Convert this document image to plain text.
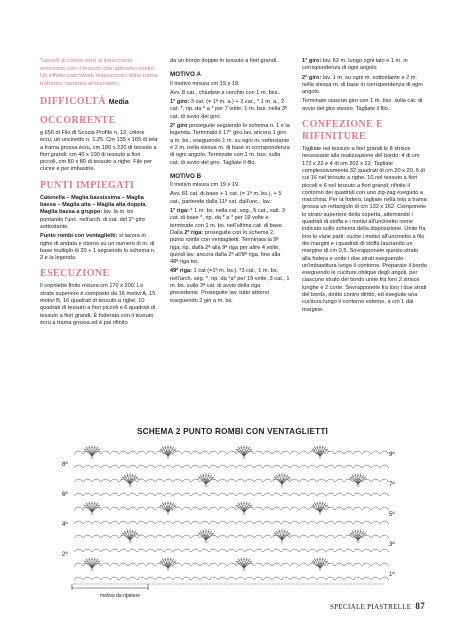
Tasselli di colore ecrù si intrecciano armoniosi con il tessuto che abbiamo scelto. Un effetto patchwork impreziosito dalla trama traforata, lavorata all'uncinetto.

DIFFICOLTÀ Media

OCCORRENTE

g 650 di Filo di Scozia Profilo n. 12, colore ècru; un uncinetto n. 1.25. Cm 135 x 165 di tela a trama grossa ècru, cm 180 x 220 di tessuto a fiori grandi, cm 40 x 100 di tessuto a fiori piccoli, cm 80 x 80 di tessuto a righe. Filo per cucire e per imbastire.

PUNTI IMPIEGATI

Catenella – Maglia bassissima – Maglia bassa – Maglia alta – Maglia alta doppia. Maglia bassa a gruppo: lav. la m. bs puntando l'unc. nell'arch. di cat. del 2° giro sottostante.

Punto rombi con ventaglietti: si lavora in righe di andata e ritorno su un numero di m. di base multiplo di 20 + 1 seguendo lo schema n. 2 e la legenda.

ESECUZIONE

Il copriletto finito misura cm 170 x 200. Lo strato superiore è composto da 16 motivi A, 15 motivi B, 16 quadrati di tessuto a righe, 10 quadrati di tessuto a fiori piccoli e 6 quadrati di tessuto a fiori grandi. È foderata con il tessuto ècru a trama grossa ed è poi rifinito

da un bordo doppio in tessuto a fiori grandi.

MOTIVO A

Il motivo misura cm 19 x 19.

Avv. 8 cat., chiudete a cerchio con 1 m. bss..

1° giro: 3 cat. (= 1ª m. a.) + 2 cat., * 1 m. a., 2 cat. *, rip. da * a * per 7 volte, 1 m. bss. nella 3ª cat. di avvio del giro.

2° giro proseguite seguendo lo schema n. 1 e la legenda. Terminato il 17° giro lav. ancora 1 giro a m. bs., eseguendo 1 m. su ogni m. sottostante e 2 m. nella stessa m. di base in corrispondenza di ogni angolo. Terminate con 1 m. bss. sulla cat. di avvio del giro. Tagliate il filo.

MOTIVO B

Il motivo misura cm 19 x 19.

Avv. 81 cat. di base + 1 cat. (= 1ª m. bs.), + 5 cat., partendo dalla 11ª cat. dall'unc., lav.:

1ª riga: * 1 m. bs. nella cat. seg., 5 cat., salt. 3 cat. di base *, rip. da * a * per 19 volte e terminate con 1 m. bs. nell'ultima cat. di base. Dalla 2ª riga: proseguite con lo schema 2, punto rombi con ventaglietti. Terminata la 9ª riga, rip. dalla 2ª alla 9ª riga per altre 4 volte, quindi lav. ancora dalla 2ª all'8ª riga, fino alla 48ª riga tot.

49ª riga: 1 cat (=1ª m. bs.), *3 cat., 1 m. bs. nell'arch. seg. *, rip. da *a* per 19 volte, 3 cat., 1 m. bs. sulla 3ª cat. di avvio della riga precedente. Proseguite lav. tutto attorno eseguendo 2 giri a m. bs.

1° giro: lav. 62 m. lungo ogni lato e 1 m. in corrispondenza di ogni angolo

2° giro: lav. 1 m. su ogni m. sottostante e 2 m. nella stessa m. di base in corrispondenza di ogni angolo.

Terminate ciascun giro con 1 m. bss. sulla cat. di avvio del giro stesso. Tagliate il filo.

CONFEZIONE E RIFINITURE

Tagliate nel tessuto a fiori grandi le 8 strisce necessarie alla realizzazione del bordo: 4 di cm 172 x 22 e 4 di cm 202 x 22. Tagliate complessivamente 32 quadrati di cm 20 x 20, 6 di cui 16 nel tessuto a righe, 10 nel tessuto a fiori piccoli e 6 nel tessuto a fiori grandi; rifinite il contorno dei quadrati con uno zig-zag eseguito a macchina. Per la fodera, tagliate nella tela a trama grossa un rettangolo di cm 132 x 162. Componete lo strato superiore della coperta, alternando i quadrati di stoffa e i motivi all'uncinetto come indicato sullo schema della disposizione. Unite fra loro le varie parti: cucite i motivi all'uncinetto a filo dei margini e i quadrati di stoffa lasciando un margine di cm 0,5. Sovrapponete questo strato alla fodera e unite i due strati eseguendo un'imbastitura lungo il contorno. Preparate il bordo eseguendo le cuciture oblique degli angoli, per ciascuno strato del bordo unite fra loro 2 strisce lunghe e 2 corte. Sovrapponete fra loro i due strati del bordo, diritto contro diritto, ed eseguite una cucitura lungo il contorno esterno, a cm 1 dal margine.

SCHEMA 2 PUNTO ROMBI CON VENTAGLIETTI
8ª
6ª
4ª
2ª
9ª
7ª
5ª
3ª
1ª
motivo da ripetere
SPECIALE PIASTRELLE 87
